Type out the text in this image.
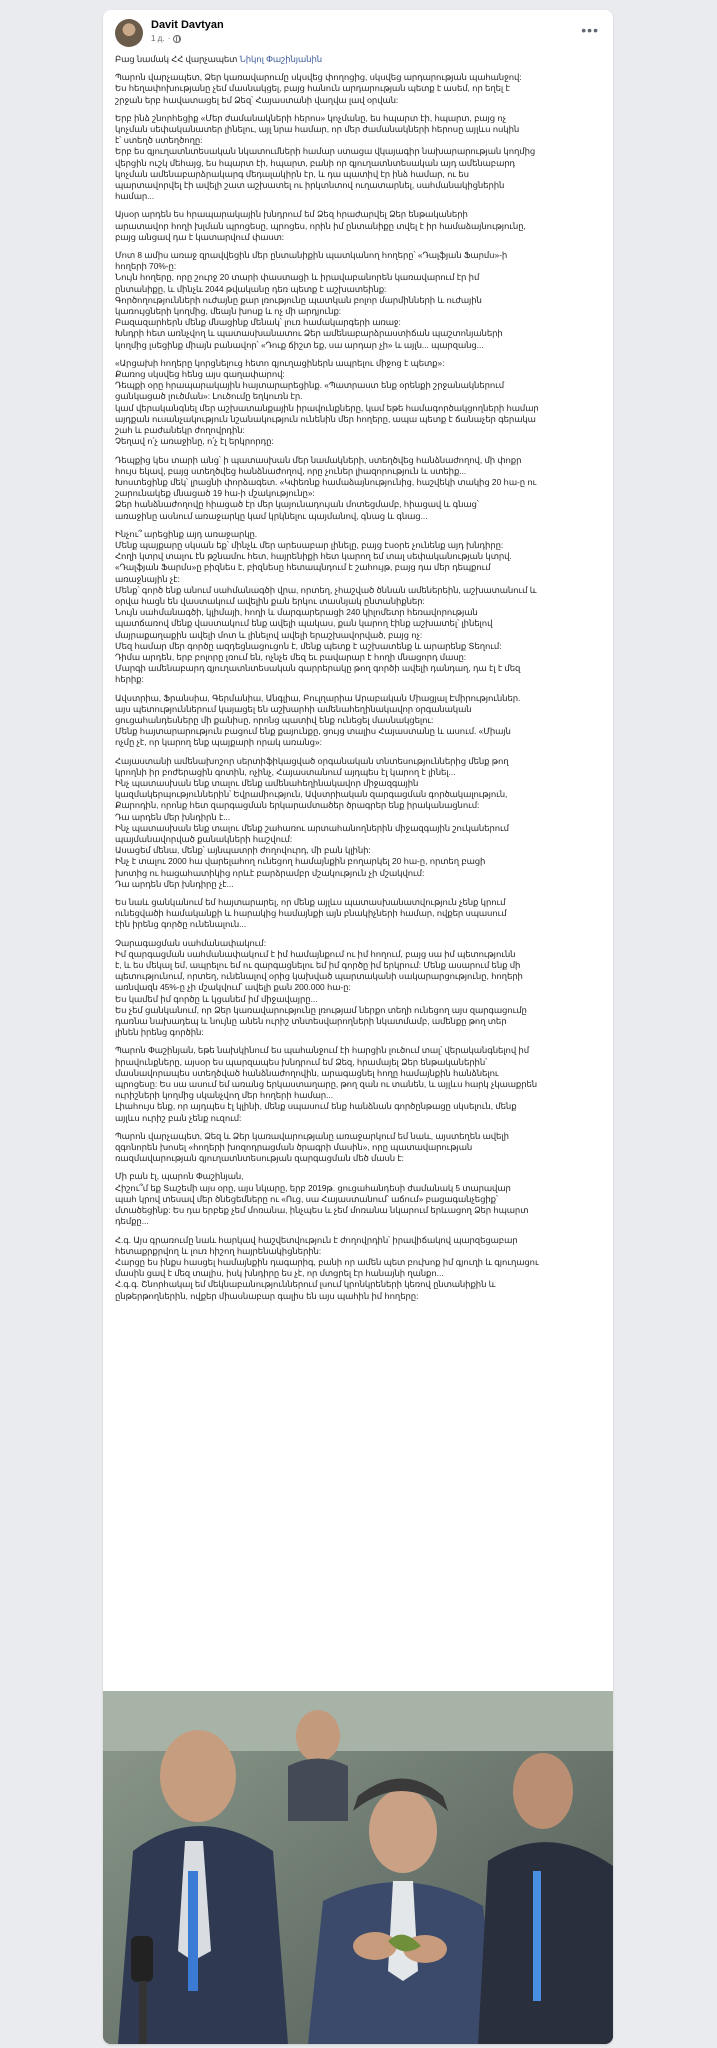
Davit Davtyan
1 д. ·
•••

Բաց նամակ ՀՀ վարչապետ Նիկոլ Փաշինյանին

Պարոն վարչապետ, Ձեր կառավարումը սկսվեց փողոցից, սկսվեց արդարության պահանջով:
Ես հեղափոխությանը չեմ մասնակցել, բայց հանուն արդարության պետք է ասեմ, որ եղել է
շրջան երբ հավատացել եմ Ձեզ՝ Հայաստանի վաղվա լավ օրվան:

Երբ ինձ շնորհեցիք «Մեր ժամանակների հերոս» կոչմանը, ես հպարտ էի, հպարտ, բայց ոչ
կոչման սեփականատեր լինելու, այլ նրա համար, որ մեր ժամանակների հերոսը այլևս ոսկին
է՝ ստեղծ ստեղծողը:
Երբ ես գյուղատնտեսական նկատումների համար ստացա վկայագիր նախարարության կողմից
վերցին ուշկ մեհայց, ես հպարտ էի, հպարտ, բանի որ գյուղատնտեսական այդ ամենաբարդ
կոչման ամենաբարձրակարգ մեդալակիրն էր, և դա պատիվ էր ինձ համար, ու ես
պարտավորվել էի ավելի շատ աշխատել ու իրկտնտով ուղատարնել, սահմանակիցներին
համար...

Այսօր արդեն ես հրապարակային խնդրում եմ Ձեզ հրաժարվել Ձեր ենթակաների
արատավոր հողի խլման պրոցեսը, պրոցես, որին իմ ընտանիքը տվել է իր համաձայնությունը,
բայց անցավ դա է կատարվում փաստ:

Մոտ 8 ամիս առաջ զրավվեցին մեր ընտանիքին պատկանող հողերը՝ «Դալֆյան Ֆարմս»-ի
հողերի 70%-ը:
Նույն հողերը, որը շուրջ 20 տարի փաստացի և իրավաբանորեն կառավարում էր իմ
ընտանիքը, և մինչև 2044 թվականը դեռ պետք է աշխատեինք:
Գործողությունների ուժայնը քար լռությունը պատկան բոլոր մարմինների և ուժային
կառույցների կողմից, մեայն խոսք և ոչ մի արդյունք:
Բազազարհերն մենք մնացինք մենակ՝ լուռ համակարգերի առաջ:
Խնդրի հետ առնչվող և պատասխանատու Ձեր ամենաբարձրաստիճան պաշտոնյաների
կողմից լսեցինք միայն բանավոր՝ «Դուք ճիշտ եք, սա արդար չի» և այլն... պարզանց...

«Արցախի հողերը կորցնելուց հետո գյուղացիներն ապրելու միջոց է պետք»:
Քառոց սկսվեց հենց այս գաղափարով:
Դեպքի օրը հրապարակային հայտարարեցինք. «Պատրաստ ենք օրենքի շրջանակներում
ցանկացած լուծման»: Լուծումը եղկուռն էր.
կամ վերականգնել մեր աշխատանքային իրավունքները, կամ եթե համագործակցողների համար
այդքան ուսանչակություն նշանակություն ունենին մեր հողերը, ապա պետք է ճանաչեր գերակա
շահ և բաժանեկր ժողովրդին:
Չեղավ ո՛չ առաջինը, ո՛չ էլ երկրորդը:

Դեպքից կես տարի անց՝ ի պատասխան մեր նամակների, ստեղծվեց հանձնաժողով, մի փոքր
հույս եկավ, բայց ստեղծվեց հանձնաժողով, որը չուներ լիազորություն և ստեիք...
Խոստեցինք մեկ՝ լրացնի փորձագետ. «Կփեռնք համաձայնությունից, հաշվեկի տակից 20 հա-ը ու
շարունակեք մնացած 19 հա-ի մշակությունը»:
Ձեր հանձնաժողովը հիացած էր մեր կայունադույան մոտեցմամբ, հիացավ և գնաց՝
առաջինը ասնում առաջարկը կամ կրկնելու պայմանով, գնաց և գնաց...

Ինչու՞ արեցինք այդ առաջարկը.
Մենք պայքարը սկսան եք՝ մինչև մեր արեսաբար լինելը, բայց էսօրե չունենք այդ խնդիրը:
Հողի կտրվ տալու էն թշնամու հետ, հայրենիքի հետ կարող եմ տալ սեփականության կտրվ.
«Դալֆյան Ֆարմս»ը բիզնես է, բիզնեսը հետապնդում է շահույթ, բայց դա մեր դեպքում
առաջնային չէ:
Մենք՝ գործ ենք անում սահմանագծի վրա, որտեղ, չհաշված ծննան ամեներեին, աշխատանում և
օրվա հացն են վաստակում ավելին քան երկու տասնյակ ընտանիքներ:
Նույն սահմանագծի, կլիմայի, հողի և մարգարերացի 240 կիլոմետր հեռավորության
պատճառով մենք վաստակում ենք ավելի պակաս, քան կարող էինք աշխատել՝ լինելով
մայրաքաղաքին ավելի մոտ և լինելով ավելի երաշխավորված, բայց ոչ:
Մեզ համար մեր գործը ազդեցնացուցոն է, մենք պետք է աշխատենք և արարենք Տեղում:
Դիմա արդեն, երբ բոլորը լռում են, ոչնչե մեզ եւ բավարար է հողի մնացորդ մասը:
Մարգի ամենաբարդ գյուղատնտեսական գարրերակը թող գործի ավելի դանդաղ, դա էլ է մեզ
հերիք:

Ավստրիա, Ֆրանսիա, Գերմանիա, Անգլիա, Բուլղարիա Արաբական Միացյալ Էմիրություններ.
այս պետություններում կայացել են աշխարհի ամենահեղինակավոր օրգանական
ցուցահանդեսները մի քանիսը, որոնց պատիվ ենք ունեցել մասնակցելու:
Մենք հայտարարություն բացում ենք քայունքը, ցույց տալիս Հայաստանը և ասում. «Միայն
ոչմը չէ, որ կարող ենք պայքարի որակ առանց»:

Հայաստանի ամենախոշոր սերտիֆիկացված օրգանական տնտեսություններից մենք թող
կրողնի իր բոժերացին գոտին, ոչինչ, Հայաստանում այդպես էլ կարող է լինել...
Ինչ պատասխան ենք տալու մենք ամենահեղինակավոր միջազգային
կազմակերպություններին՝ Եվրամիություն, Ավստրիական զարգացման գործակալություն,
Քարոդին, որոնք հետ զարգացման երկարամտածեր ծրագրեր ենք իրականացնում:
Դա արդեն մեր խնդիրն է...
Ինչ պատասխան ենք տալու մենք շահառու արտահանողներին միջազգային շուկաներում
պայմանավորված քանակների հաշվում:
Ասացեմ մենա, մենք՝ այնպատրի ժողովուրդ, մի բան կլինի:
Ինչ է տալու 2000 հա վարելահող ունեցող համայնքին բողարկել 20 հա-ը, որտեղ բացի
խոտից ու հացահատիկից որևէ բարձրամբր մշակություն չի մշակվում:
Դա արդեն մեր խնդիրը չէ...

Ես նաև ցանկանում եմ հայտարարել, որ մենք այլևս պատասխանատվություն չենք կրում
ունեցվածի համականքի և հարակից համայնքի այն բնակիչների համար, ովքեր սպասում
էին իրենց գործը ունենալուն...

Չարագացման սահմանափակում:
Իմ զարգացման սահմանափակում է իմ համայնքում ու իմ հողում, բայց սա իմ պետությունն
է, և ես մեկալ եմ, ապրելու եմ ու զարգացնելու եմ իմ գործը իմ երկրում: Մենք ասարում ենք մի
պետությունում, որտեղ, ունենալով օրից կախված պարտականի սակարարցությունը, հողերի
առնվազն 45%-ը չի մշակվում՝ ավելի քան 200.000 հա-ը:
Ես կամեմ իմ գործը և կցանեմ իմ միջավայրը...
Ես չեմ ցանկանում, որ Ձեր կառավարությունը լռությամ ներքո տեղի ունեցող այս զարգացումը
դառնա նախադեպ և նույնը անեն ուրիշ տնտեսվարողների նկատմամբ, ամենքը թող տեր
լինեն իրենց գործին:

Պարոն Փաշինյան, եթե նախկինում ես պահանջում էի հարցին լուծում տալ՝ վերականգնելով իմ
իրավունքները, այսօր ես պարզապես խնդրում եմ Ձեզ, հրամայել Ձեր ենթականերին՝
մասնավորապես ստեղծված հանձնաժողովին, արագացնել հողը համայնքին հանձնելու
պրոցեսը: Ես սա ասում եմ առանց երկաստաղարը, թող զան ու տանեն, և այլևս հարկ չկաաքրեն
ուրիշների կողմից սկանչվող մեր հողերի համար...
Լիահույս ենք, որ այդպես էլ կլինի, մենք սպասում ենք հանձնան գործընթացը սկսելուն, մենք
այլևս ուրիշ բան չենք ուզում:

Պարոն վարչապետ, Ձեզ և Ձեր կառավարությանը առաջարկում եմ նաև, այստեղեն ավելի
զգոնորեն խոսել «հողերի խոզոդրացման ծրագրի մասին», որը պատավարության
ռազմավարության գյուղատնտեսության զարգացման մեծ մասն է:

Մի բան էլ, պարոն Փաշինյան,
Հիշու՞մ եք Տաշեմի այս օրը, այս նկարը, երբ 2019թ. ցուցահանդեսի ժամանակ 5 տարավար
պահ կրով տեսավ մեր ծնեցեմները ու «Ուց, սա Հայաստանում՝ աճում» բացագանչեցիք՝
մտածեցինք: Ես դա երբեք չեմ մոռանա, ինչպես և չեմ մոռանա նկարում երևացող Ձեր հպարտ
դեմքը...

Հ.գ. Այս գրառումը նաև հարկավ հաշվետվություն է ժողովրդին՝ իրավիճակով պարզեցաբար
հետաքրքրվող և լուռ հիշող հայրենակիցներին:
Հարցը ես ինքս հասցել համայնքին դագարիգ, բանի որ ամեն պետ բուխոք իմ գյուղի և գյուղացու
մասին ցավ է մեզ տալիս, իսկ խնդիրը ես չէ, որ մտցրել էր հանայնի ղանքո...
Հ.գ.գ. Շնորհակալ եմ մեկնաբանություններում լսում կրոնկրեների կեռով ընտանիքին և
ընթերթողներին, ովքեր միասնաբար գալիս են այս պահին իմ հողերը:
